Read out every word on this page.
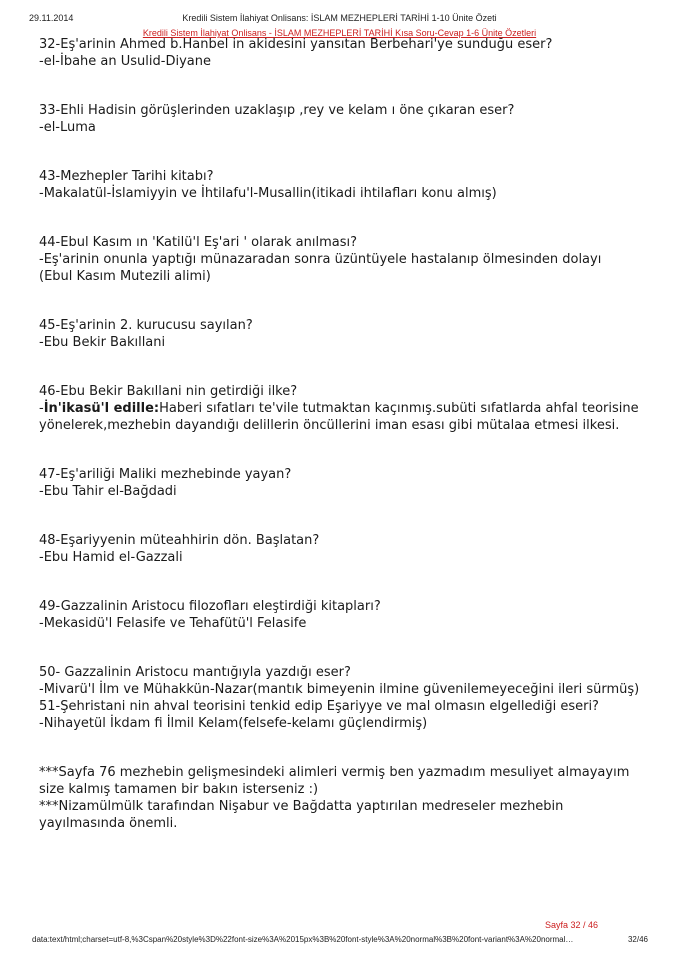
29.11.2014	Kredili Sistem İlahiyat Onlisans: İSLAM MEZHEPLERİ TARİHİ 1-10 Ünite Özeti
Kredili Sistem İlahiyat Onlisans - İSLAM MEZHEPLERİ TARİHİ Kısa Soru-Cevap 1-6 Ünite Özetleri

32-Eş'arinin Ahmed b.Hanbel in akidesini yansıtan Berbehari'ye sunduğu eser?

-el-İbahe an Usulid-Diyane

33-Ehli Hadisin görüşlerinden uzaklaşıp ,rey ve kelam ı öne çıkaran eser?

-el-Luma

43-Mezhepler Tarihi kitabı?

-Makalatül-İslamiyyin ve İhtilafu'l-Musallin(itikadi ihtilafları konu almış)

44-Ebul Kasım ın 'Katilü'l Eş'ari ' olarak anılması?

-Eş'arinin onunla yaptığı münazaradan sonra üzüntüyele hastalanıp ölmesinden dolayı

(Ebul Kasım Mutezili alimi)

45-Eş'arinin 2. kurucusu sayılan?

-Ebu Bekir Bakıllani

46-Ebu Bekir Bakıllani nin getirdiği ilke?

-İn'ikasü'l edille:Haberi sıfatları te'vile tutmaktan kaçınmış.subüti sıfatlarda ahfal teorisine yönelerek,mezhebin dayandığı delillerin öncüllerini iman esası gibi mütalaa etmesi ilkesi.

47-Eş'ariliği Maliki mezhebinde yayan?

-Ebu Tahir el-Bağdadi

48-Eşariyyenin müteahhirin dön. Başlatan?

-Ebu Hamid el-Gazzali

49-Gazzalinin Aristocu filozofları eleştirdiği kitapları?

-Mekasidü'l Felasife ve Tehafütü'l Felasife

50- Gazzalinin Aristocu mantığıyla yazdığı eser?

-Mivarü'l İlm ve Mühakkün-Nazar(mantık bimeyenin ilmine güvenilemeyeceğini ileri sürmüş)

51-Şehristani nin ahval teorisini tenkid edip Eşariyye ve mal olmasın elgellediği eseri?

-Nihayetül İkdam fi İlmil Kelam(felsefe-kelamı güçlendirmiş)

***Sayfa 76 mezhebin gelişmesindeki alimleri vermiş ben yazmadım mesuliyet almayayım size kalmış tamamen bir bakın isterseniz :)

***Nizamülmülk tarafından Nişabur ve Bağdatta yaptırılan medreseler mezhebin yayılmasında önemli.

Sayfa 32 / 46
data:text/html;charset=utf-8,%3Cspan%20style%3D%22font-size%3A%2015px%3B%20font-style%3A%20normal%3B%20font-variant%3A%20normal…	32/46
